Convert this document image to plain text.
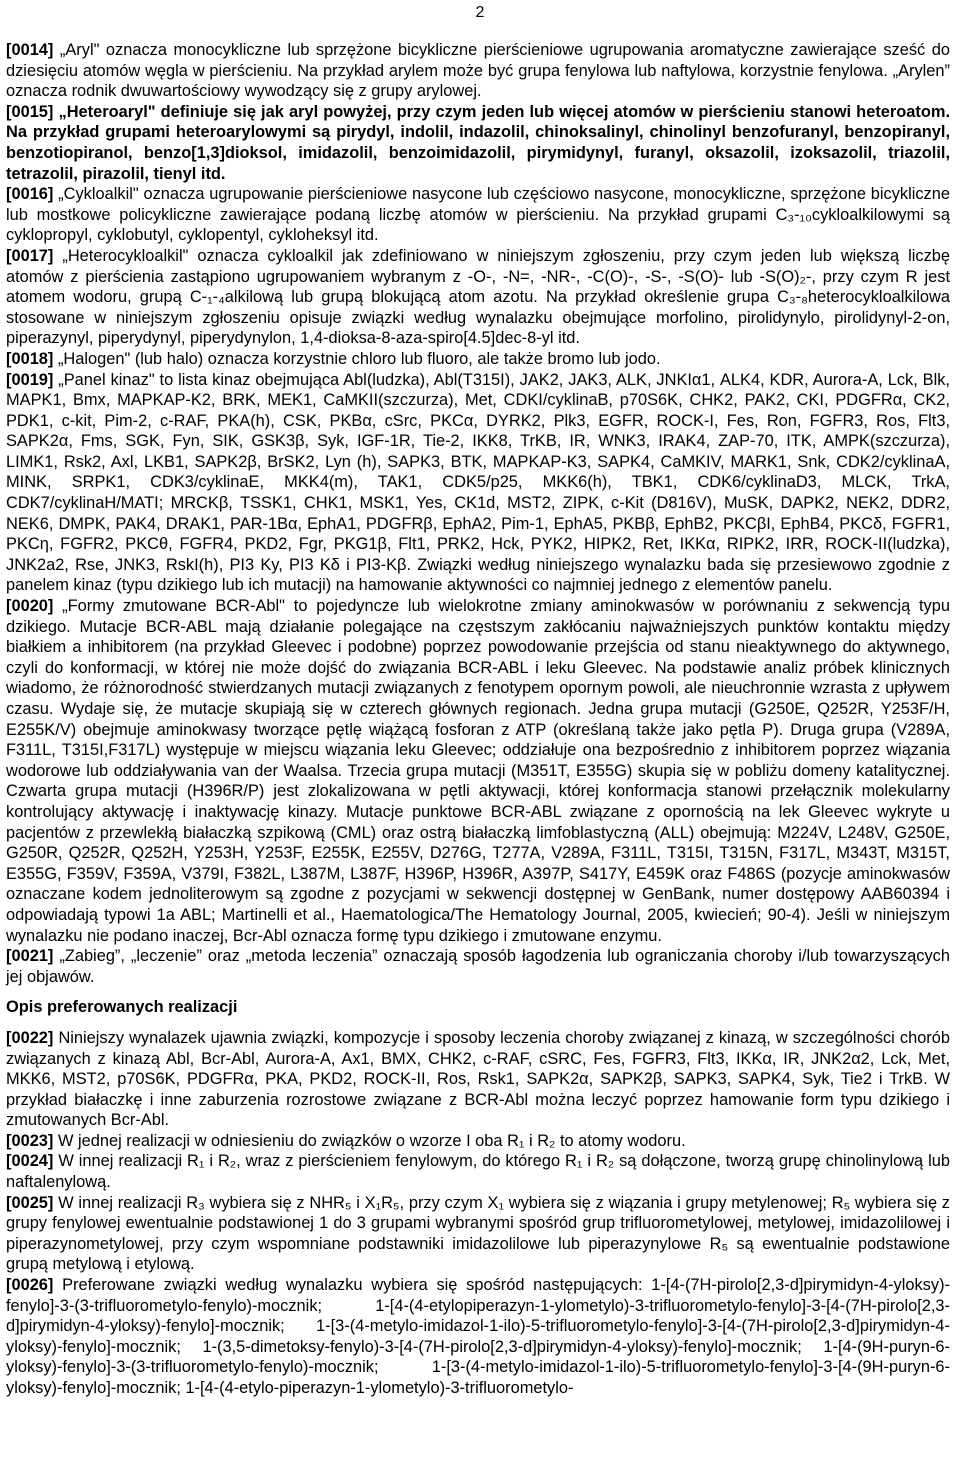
2

[0014] „Aryl" oznacza monocykliczne lub sprzężone bicykliczne pierścieniowe ugrupowania aromatyczne zawierające sześć do dziesięciu atomów węgla w pierścieniu. Na przykład arylem może być grupa fenylowa lub naftylowa, korzystnie fenylowa. „Arylen” oznacza rodnik dwuwartościowy wywodzący się z grupy arylowej.

[0015] „Heteroaryl" definiuje się jak aryl powyżej, przy czym jeden lub więcej atomów w pierścieniu stanowi heteroatom. Na przykład grupami heteroarylowymi są pirydyl, indolil, indazolil, chinoksalinyl, chinolinyl benzofuranyl, benzopiranyl, benzotiopiranol, benzo[1,3]dioksol, imidazolil, benzoimidazolil, pirymidynyl, furanyl, oksazolil, izoksazolil, triazolil, tetrazolil, pirazolil, tienyl itd.

[0016] „Cykloalkil" oznacza ugrupowanie pierścieniowe nasycone lub częściowo nasycone, monocykliczne, sprzężone bicykliczne lub mostkowe policykliczne zawierające podaną liczbę atomów w pierścieniu. Na przykład grupami C₃-₁₀cykloalkilowymi są cyklopropyl, cyklobutyl, cyklopentyl, cykloheksyl itd.

[0017] „Heterocykloalkil" oznacza cykloalkil jak zdefiniowano w niniejszym zgłoszeniu, przy czym jeden lub większą liczbę atomów z pierścienia zastąpiono ugrupowaniem wybranym z -O-, -N=, -NR-, -C(O)-, -S-, -S(O)- lub -S(O)₂-, przy czym R jest atomem wodoru, grupą C-₁-₄alkilową lub grupą blokującą atom azotu. Na przykład określenie grupa C₃-₈heterocykloalkilowa stosowane w niniejszym zgłoszeniu opisuje związki według wynalazku obejmujące morfolino, pirolidynylo, pirolidynyl-2-on, piperazynyl, piperydynyl, piperydynylon, 1,4-dioksa-8-aza-spiro[4.5]dec-8-yl itd.

[0018] „Halogen" (lub halo) oznacza korzystnie chloro lub fluoro, ale także bromo lub jodo.

[0019] „Panel kinaz" to lista kinaz obejmująca Abl(ludzka), Abl(T315I), JAK2, JAK3, ALK, JNKIα1, ALK4, KDR, Aurora-A, Lck, Blk, MAPK1, Bmx, MAPKAP-K2, BRK, MEK1, CaMKII(szczurza), Met, CDKI/cyklinaB, p70S6K, CHK2, PAK2, CKI, PDGFRα, CK2, PDK1, c-kit, Pim-2, c-RAF, PKA(h), CSK, PKBα, cSrc, PKCα, DYRK2, Plk3, EGFR, ROCK-I, Fes, Ron, FGFR3, Ros, Flt3, SAPK2α, Fms, SGK, Fyn, SIK, GSK3β, Syk, IGF-1R, Tie-2, IKK8, TrKB, IR, WNK3, IRAK4, ZAP-70, ITK, AMPK(szczurza), LIMK1, Rsk2, Axl, LKB1, SAPK2β, BrSK2, Lyn (h), SAPK3, BTK, MAPKAP-K3, SAPK4, CaMKIV, MARK1, Snk, CDK2/cyklinaA, MINK, SRPK1, CDK3/cyklinaE, MKK4(m), TAK1, CDK5/p25, MKK6(h), TBK1, CDK6/cyklinaD3, MLCK, TrkA, CDK7/cyklinaH/MATI; MRCKβ, TSSK1, CHK1, MSK1, Yes, CK1d, MST2, ZIPK, c-Kit (D816V), MuSK, DAPK2, NEK2, DDR2, NEK6, DMPK, PAK4, DRAK1, PAR-1Bα, EphA1, PDGFRβ, EphA2, Pim-1, EphA5, PKBβ, EphB2, PKCβI, EphB4, PKCδ, FGFR1, PKCη, FGFR2, PKCθ, FGFR4, PKD2, Fgr, PKG1β, Flt1, PRK2, Hck, PYK2, HIPK2, Ret, IKKα, RIPK2, IRR, ROCK-II(ludzka), JNK2a2, Rse, JNK3, RskI(h), PI3 Ky, PI3 Kδ i PI3-Kβ. Związki według niniejszego wynalazku bada się przesiewowo zgodnie z panelem kinaz (typu dzikiego lub ich mutacji) na hamowanie aktywności co najmniej jednego z elementów panelu.

[0020] „Formy zmutowane BCR-Abl" to pojedyncze lub wielokrotne zmiany aminokwasów w porównaniu z sekwencją typu dzikiego. Mutacje BCR-ABL mają działanie polegające na częstszym zakłócaniu najważniejszych punktów kontaktu między białkiem a inhibitorem (na przykład Gleevec i podobne) poprzez powodowanie przejścia od stanu nieaktywnego do aktywnego, czyli do konformacji, w której nie może dojść do związania BCR-ABL i leku Gleevec. Na podstawie analiz próbek klinicznych wiadomo, że różnorodność stwierdzanych mutacji związanych z fenotypem opornym powoli, ale nieuchronnie wzrasta z upływem czasu. Wydaje się, że mutacje skupiają się w czterech głównych regionach. Jedna grupa mutacji (G250E, Q252R, Y253F/H, E255K/V) obejmuje aminokwasy tworzące pętlę wiążącą fosforan z ATP (określaną także jako pętla P). Druga grupa (V289A, F311L, T315I,F317L) występuje w miejscu wiązania leku Gleevec; oddziałuje ona bezpośrednio z inhibitorem poprzez wiązania wodorowe lub oddziaływania van der Waalsa. Trzecia grupa mutacji (M351T, E355G) skupia się w pobliżu domeny katalitycznej. Czwarta grupa mutacji (H396R/P) jest zlokalizowana w pętli aktywacji, której konformacja stanowi przełącznik molekularny kontrolujący aktywację i inaktywację kinazy. Mutacje punktowe BCR-ABL związane z opornością na lek Gleevec wykryte u pacjentów z przewlekłą białaczką szpikową (CML) oraz ostrą białaczką limfoblastyczną (ALL) obejmują: M224V, L248V, G250E, G250R, Q252R, Q252H, Y253H, Y253F, E255K, E255V, D276G, T277A, V289A, F311L, T315I, T315N, F317L, M343T, M315T, E355G, F359V, F359A, V379I, F382L, L387M, L387F, H396P, H396R, A397P, S417Y, E459K oraz F486S (pozycje aminokwasów oznaczane kodem jednoliterowym są zgodne z pozycjami w sekwencji dostępnej w GenBank, numer dostępowy AAB60394 i odpowiadają typowi 1a ABL; Martinelli et al., Haematologica/The Hematology Journal, 2005, kwiecień; 90-4). Jeśli w niniejszym wynalazku nie podano inaczej, Bcr-Abl oznacza formę typu dzikiego i zmutowane enzymu.

[0021] „Zabieg”, „leczenie” oraz „metoda leczenia” oznaczają sposób łagodzenia lub ograniczania choroby i/lub towarzyszących jej objawów.

Opis preferowanych realizacji

[0022] Niniejszy wynalazek ujawnia związki, kompozycje i sposoby leczenia choroby związanej z kinazą, w szczególności chorób związanych z kinazą Abl, Bcr-Abl, Aurora-A, Ax1, BMX, CHK2, c-RAF, cSRC, Fes, FGFR3, Flt3, IKKα, IR, JNK2α2, Lck, Met, MKK6, MST2, p70S6K, PDGFRα, PKA, PKD2, ROCK-II, Ros, Rsk1, SAPK2α, SAPK2β, SAPK3, SAPK4, Syk, Tie2 i TrkB. W przykład białaczkę i inne zaburzenia rozrostowe związane z BCR-Abl można leczyć poprzez hamowanie form typu dzikiego i zmutowanych Bcr-Abl.

[0023] W jednej realizacji w odniesieniu do związków o wzorze I oba R₁ i R₂ to atomy wodoru.

[0024] W innej realizacji R₁ i R₂, wraz z pierścieniem fenylowym, do którego R₁ i R₂ są dołączone, tworzą grupę chinolinylową lub naftalenylową.

[0025] W innej realizacji R₃ wybiera się z NHR₅ i X₁R₅, przy czym X₁ wybiera się z wiązania i grupy metylenowej; R₅ wybiera się z grupy fenylowej ewentualnie podstawionej 1 do 3 grupami wybranymi spośród grup trifluorometylowej, metylowej, imidazolilowej i piperazynometylowej, przy czym wspomniane podstawniki imidazolilowe lub piperazynylowe R₅ są ewentualnie podstawione grupą metylową i etylową.

[0026] Preferowane związki według wynalazku wybiera się spośród następujących: 1-[4-(7H-pirolo[2,3-d]pirymidyn-4-yloksy)-fenylo]-3-(3-trifluorometylo-fenylo)-mocznik; 1-[4-(4-etylopiperazyn-1-ylometylo)-3-trifluorometylo-fenylo]-3-[4-(7H-pirolo[2,3-d]pirymidyn-4-yloksy)-fenylo]-mocznik; 1-[3-(4-metylo-imidazol-1-ilo)-5-trifluorometylo-fenylo]-3-[4-(7H-pirolo[2,3-d]pirymidyn-4-yloksy)-fenylo]-mocznik; 1-(3,5-dimetoksy-fenylo)-3-[4-(7H-pirolo[2,3-d]pirymidyn-4-yloksy)-fenylo]-mocznik; 1-[4-(9H-puryn-6-yloksy)-fenylo]-3-(3-trifluorometylo-fenylo)-mocznik; 1-[3-(4-metylo-imidazol-1-ilo)-5-trifluorometylo-fenylo]-3-[4-(9H-puryn-6-yloksy)-fenylo]-mocznik; 1-[4-(4-etylo-piperazyn-1-ylometylo)-3-trifluorometylo-
